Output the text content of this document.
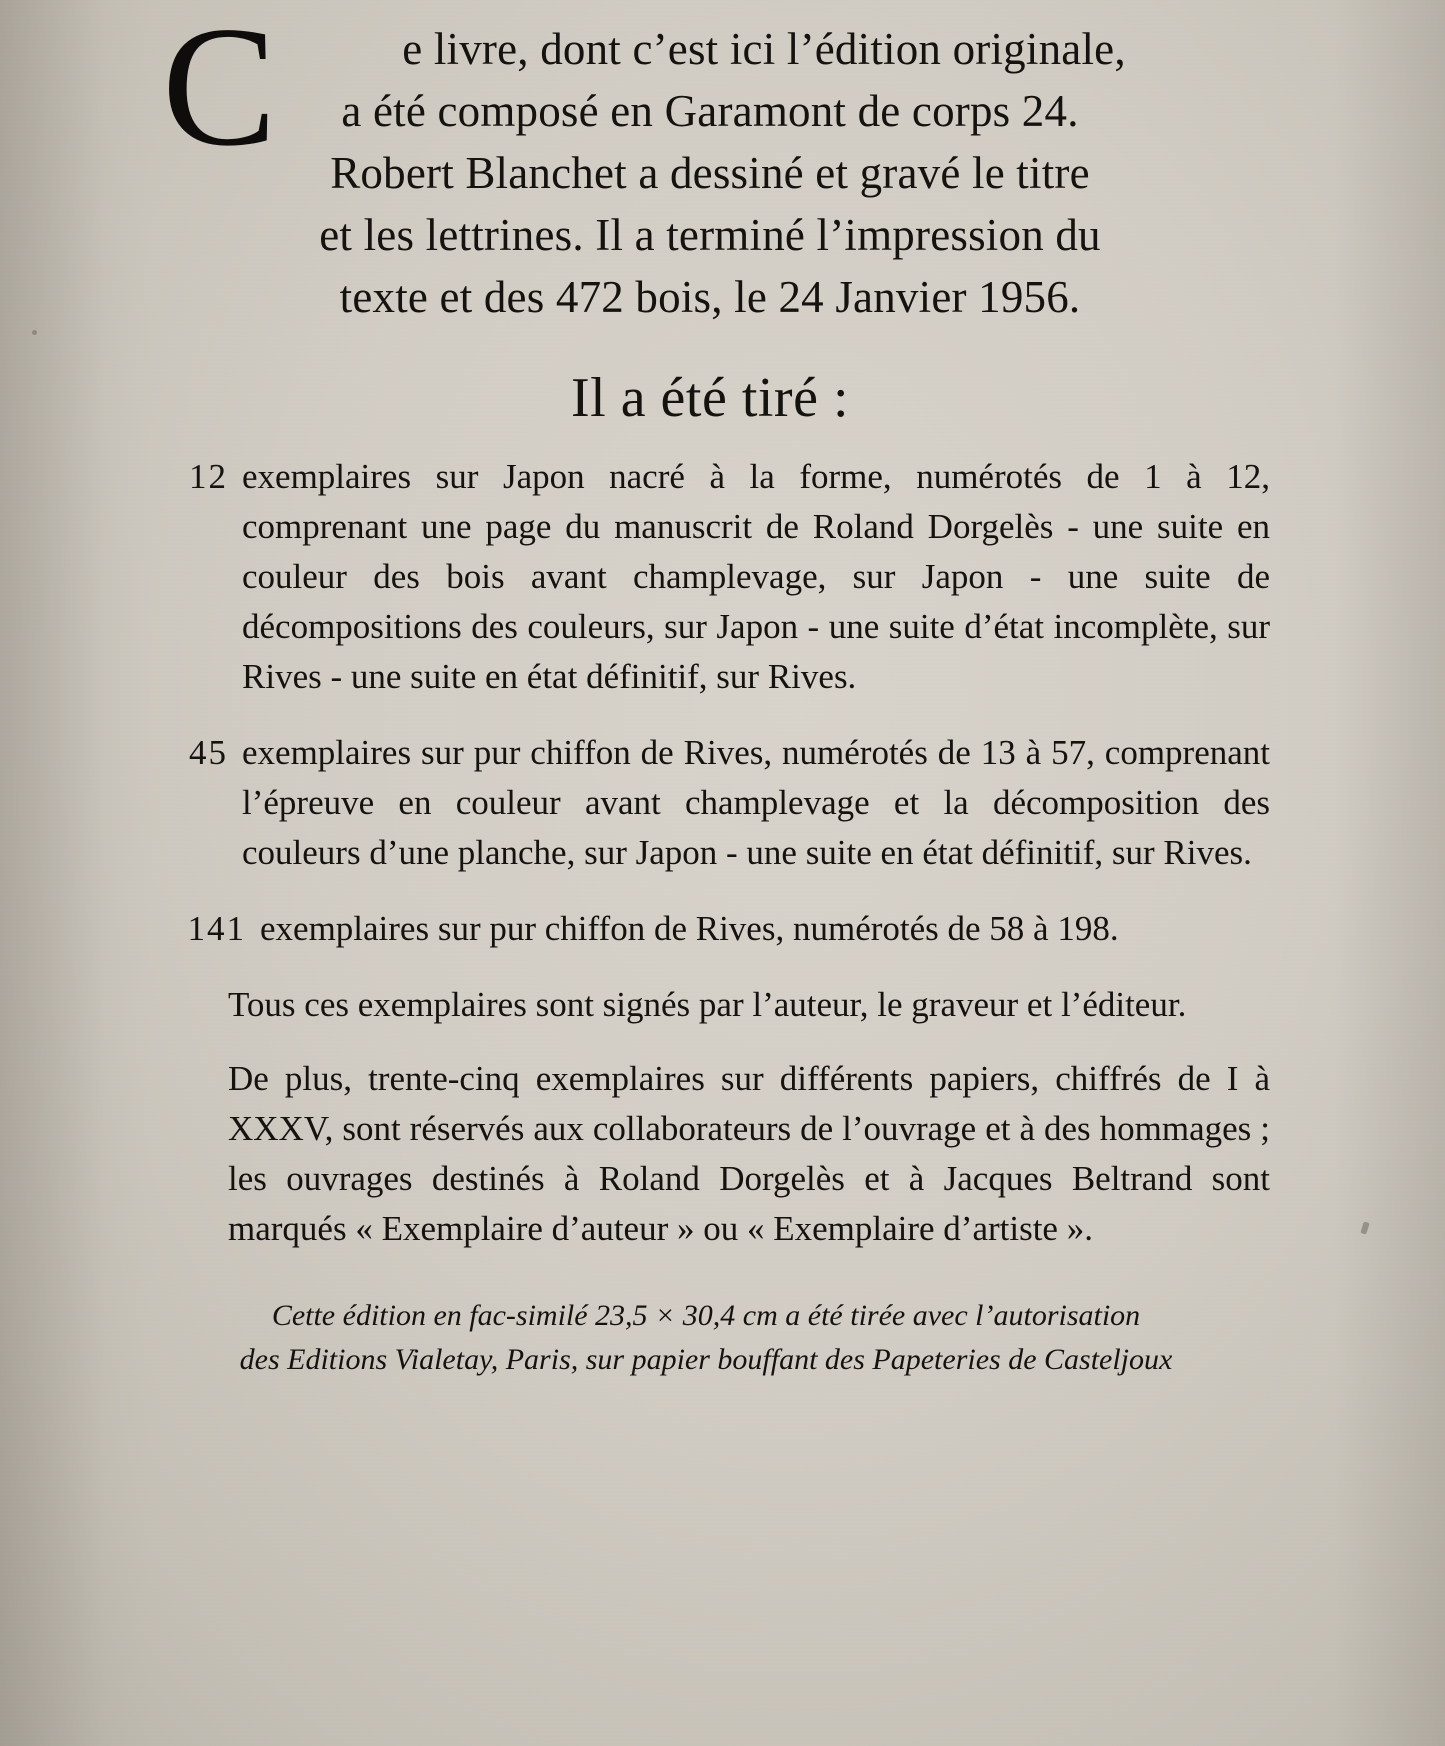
C	e livre, dont c’est ici l’édition originale,
a été composé en Garamont de corps 24.
Robert Blanchet a dessiné et gravé le titre
et les lettrines. Il a terminé l’impression du
texte et des 472 bois, le 24 Janvier 1956.
Il a été tiré :
12 exemplaires sur Japon nacré à la forme, numérotés de 1 à 12, comprenant une page du manuscrit de Roland Dorgelès - une suite en couleur des bois avant champlevage, sur Japon - une suite de décompositions des couleurs, sur Japon - une suite d’état incomplète, sur Rives - une suite en état définitif, sur Rives.
45 exemplaires sur pur chiffon de Rives, numérotés de 13 à 57, comprenant l’épreuve en couleur avant champlevage et la décomposition des couleurs d’une planche, sur Japon - une suite en état définitif, sur Rives.
141 exemplaires sur pur chiffon de Rives, numérotés de 58 à 198.

Tous ces exemplaires sont signés par l’auteur, le graveur et l’éditeur.

De plus, trente-cinq exemplaires sur différents papiers, chiffrés de I à XXXV, sont réservés aux collaborateurs de l’ouvrage et à des hommages ; les ouvrages destinés à Roland Dorgelès et à Jacques Beltrand sont marqués « Exemplaire d’auteur » ou « Exemplaire d’artiste ».

Cette édition en fac-similé 23,5 × 30,4 cm a été tirée avec l’autorisation
des Editions Vialetay, Paris, sur papier bouffant des Papeteries de Casteljoux
